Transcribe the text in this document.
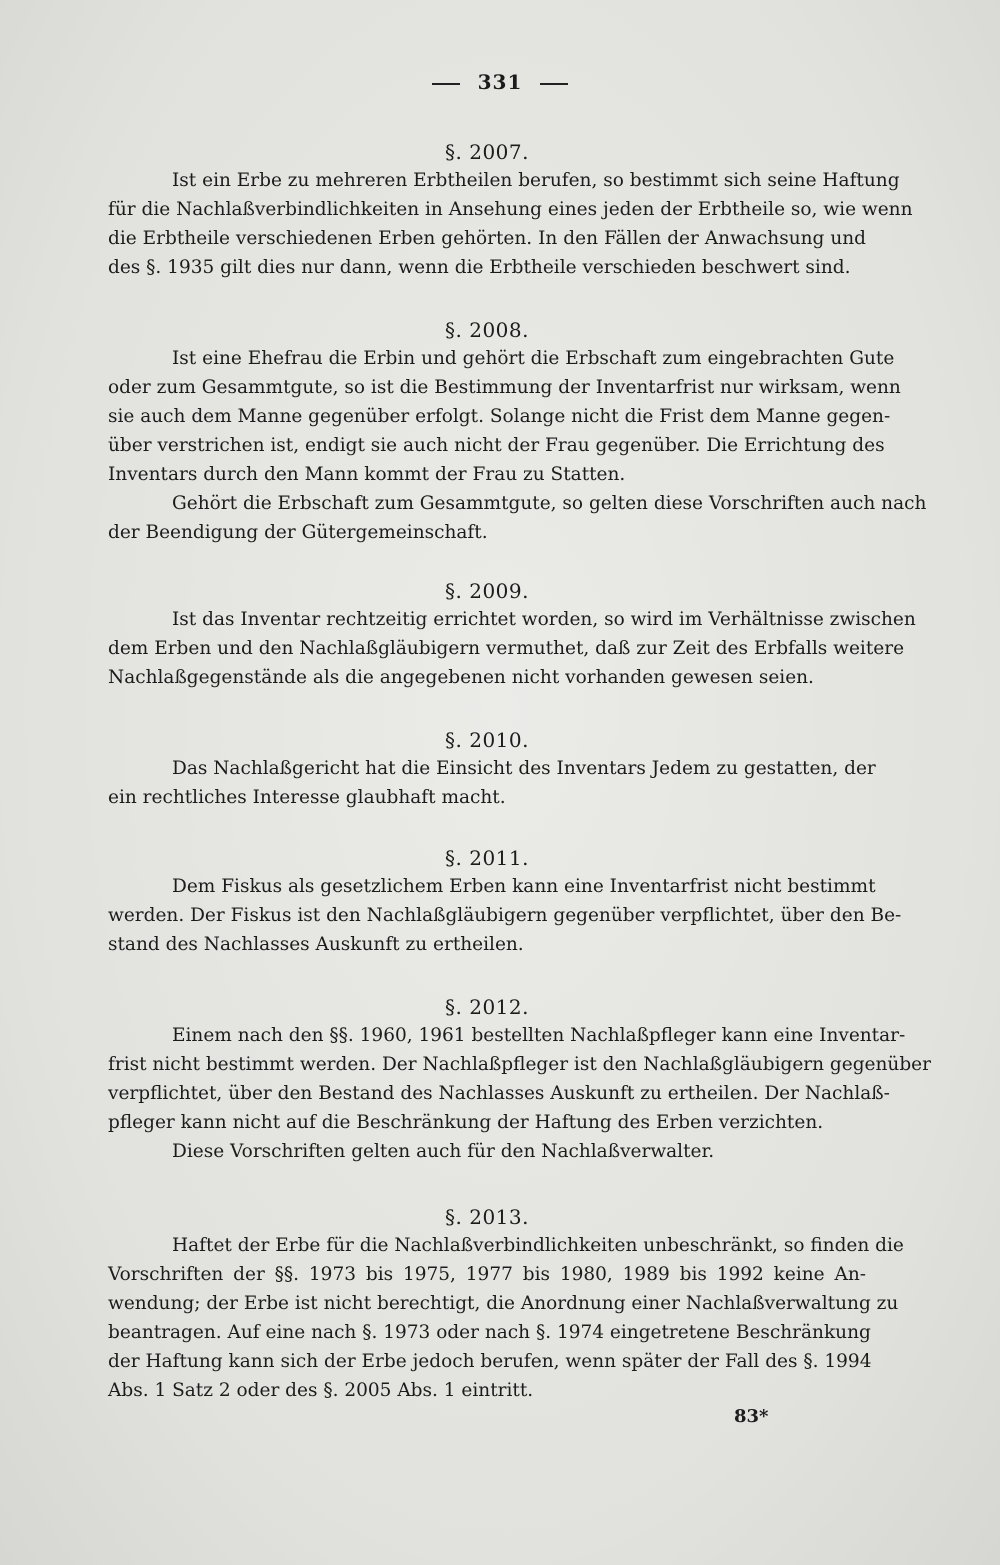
331
§. 2007.
Ist ein Erbe zu mehreren Erbtheilen berufen, so bestimmt sich seine Haftung
für die Nachlaßverbindlichkeiten in Ansehung eines jeden der Erbtheile so, wie wenn
die Erbtheile verschiedenen Erben gehörten. In den Fällen der Anwachsung und
des §. 1935 gilt dies nur dann, wenn die Erbtheile verschieden beschwert sind.
§. 2008.
Ist eine Ehefrau die Erbin und gehört die Erbschaft zum eingebrachten Gute
oder zum Gesammtgute, so ist die Bestimmung der Inventarfrist nur wirksam, wenn
sie auch dem Manne gegenüber erfolgt. Solange nicht die Frist dem Manne gegen-
über verstrichen ist, endigt sie auch nicht der Frau gegenüber. Die Errichtung des
Inventars durch den Mann kommt der Frau zu Statten.
Gehört die Erbschaft zum Gesammtgute, so gelten diese Vorschriften auch nach
der Beendigung der Gütergemeinschaft.
§. 2009.
Ist das Inventar rechtzeitig errichtet worden, so wird im Verhältnisse zwischen
dem Erben und den Nachlaßgläubigern vermuthet, daß zur Zeit des Erbfalls weitere
Nachlaßgegenstände als die angegebenen nicht vorhanden gewesen seien.
§. 2010.
Das Nachlaßgericht hat die Einsicht des Inventars Jedem zu gestatten, der
ein rechtliches Interesse glaubhaft macht.
§. 2011.
Dem Fiskus als gesetzlichem Erben kann eine Inventarfrist nicht bestimmt
werden. Der Fiskus ist den Nachlaßgläubigern gegenüber verpflichtet, über den Be-
stand des Nachlasses Auskunft zu ertheilen.
§. 2012.
Einem nach den §§. 1960, 1961 bestellten Nachlaßpfleger kann eine Inventar-
frist nicht bestimmt werden. Der Nachlaßpfleger ist den Nachlaßgläubigern gegenüber
verpflichtet, über den Bestand des Nachlasses Auskunft zu ertheilen. Der Nachlaß-
pfleger kann nicht auf die Beschränkung der Haftung des Erben verzichten.
Diese Vorschriften gelten auch für den Nachlaßverwalter.
§. 2013.
Haftet der Erbe für die Nachlaßverbindlichkeiten unbeschränkt, so finden die
Vorschriften der §§. 1973 bis 1975, 1977 bis 1980, 1989 bis 1992 keine An-
wendung; der Erbe ist nicht berechtigt, die Anordnung einer Nachlaßverwaltung zu
beantragen. Auf eine nach §. 1973 oder nach §. 1974 eingetretene Beschränkung
der Haftung kann sich der Erbe jedoch berufen, wenn später der Fall des §. 1994
Abs. 1 Satz 2 oder des §. 2005 Abs. 1 eintritt.
83*
